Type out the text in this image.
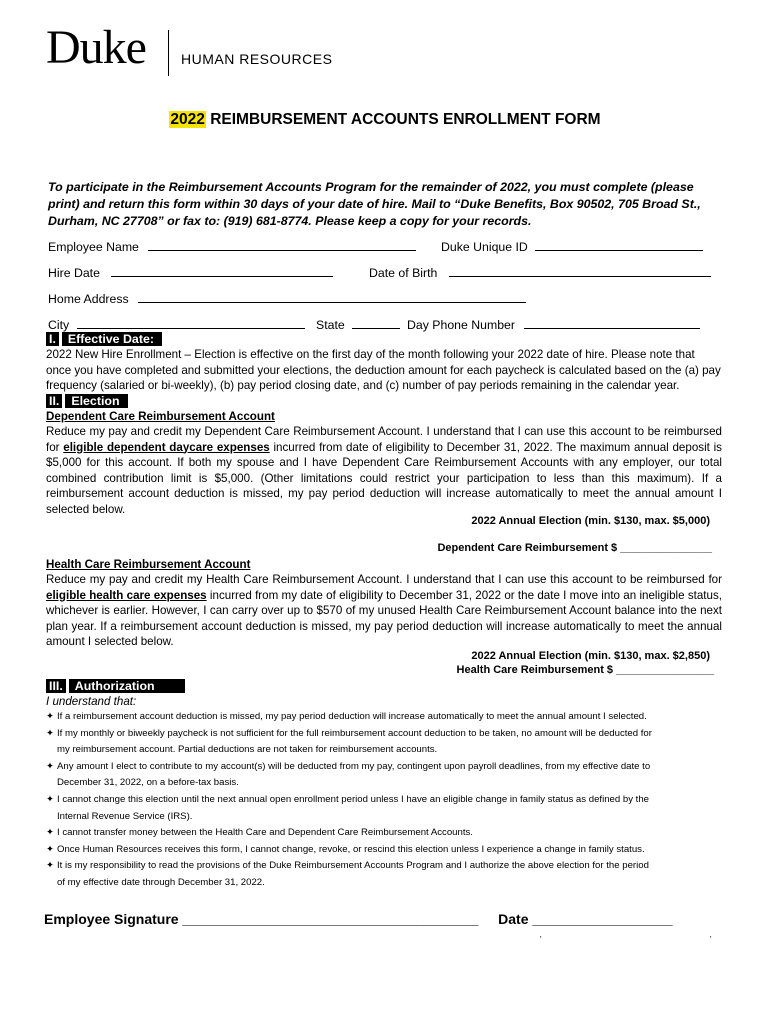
Duke	HUMAN RESOURCES
2022 REIMBURSEMENT ACCOUNTS ENROLLMENT FORM
To participate in the Reimbursement Accounts Program for the remainder of 2022, you must complete (please print) and return this form within 30 days of your date of hire. Mail to “Duke Benefits, Box 90502, 705 Broad St., Durham, NC 27708” or fax to: (919) 681-8774. Please keep a copy for your records.
Employee Name	Duke Unique ID
Hire Date	Date of Birth
Home Address
City	State	Day Phone Number
I. Effective Date:
2022 New Hire Enrollment – Election is effective on the first day of the month following your 2022 date of hire. Please note that once you have completed and submitted your elections, the deduction amount for each paycheck is calculated based on the (a) pay frequency (salaried or bi-weekly), (b) pay period closing date, and (c) number of pay periods remaining in the calendar year.
II. Election
Dependent Care Reimbursement Account
Reduce my pay and credit my Dependent Care Reimbursement Account. I understand that I can use this account to be reimbursed for eligible dependent daycare expenses incurred from date of eligibility to December 31, 2022. The maximum annual deposit is $5,000 for this account. If both my spouse and I have Dependent Care Reimbursement Accounts with any employer, our total combined contribution limit is $5,000. (Other limitations could restrict your participation to less than this maximum). If a reimbursement account deduction is missed, my pay period deduction will increase automatically to meet the annual amount I selected below.
2022 Annual Election (min. $130, max. $5,000)
Dependent Care Reimbursement $ _______________
Health Care Reimbursement Account
Reduce my pay and credit my Health Care Reimbursement Account. I understand that I can use this account to be reimbursed for eligible health care expenses incurred from my date of eligibility to December 31, 2022 or the date I move into an ineligible status, whichever is earlier. However, I can carry over up to $570 of my unused Health Care Reimbursement Account balance into the next plan year. If a reimbursement account deduction is missed, my pay period deduction will increase automatically to meet the annual amount I selected below.
2022 Annual Election (min. $130, max. $2,850)
Health Care Reimbursement $ ________________
III. Authorization
I understand that:
✦ If a reimbursement account deduction is missed, my pay period deduction will increase automatically to meet the annual amount I selected.
✦ If my monthly or biweekly paycheck is not sufficient for the full reimbursement account deduction to be taken, no amount will be deducted for
my reimbursement account. Partial deductions are not taken for reimbursement accounts.
✦ Any amount I elect to contribute to my account(s) will be deducted from my pay, contingent upon payroll deadlines, from my effective date to
December 31, 2022, on a before-tax basis.
✦ I cannot change this election until the next annual open enrollment period unless I have an eligible change in family status as defined by the
Internal Revenue Service (IRS).
✦ I cannot transfer money between the Health Care and Dependent Care Reimbursement Accounts.
✦ Once Human Resources receives this form, I cannot change, revoke, or rescind this election unless I experience a change in family status.
✦ It is my responsibility to read the provisions of the Duke Reimbursement Accounts Program and I authorize the above election for the period
of my effective date through December 31, 2022.
Employee Signature ______________________________________ Date __________________
'	'
